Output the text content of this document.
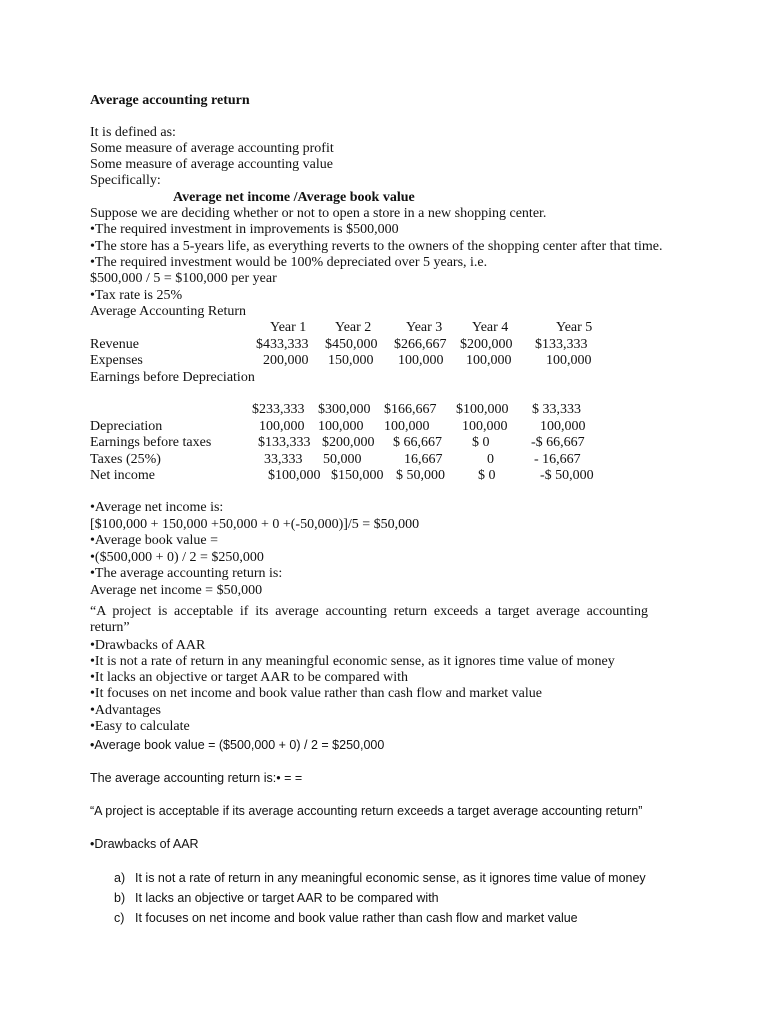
Average accounting return
It is defined as:
Some measure of average accounting profit
Some measure of average accounting value
Specifically:
Average net income /Average book value
Suppose we are deciding whether or not to open a store in a new shopping center.
•The required investment in improvements is $500,000
•The store has a 5-years life, as everything reverts to the owners of the shopping center after that time.
•The required investment would be 100% depreciated over 5 years, i.e.
$500,000 / 5 = $100,000 per year
•Tax rate is 25%
Average Accounting Return
Year 1 Year 2 Year 3 Year 4	Year 5
Revenue	$433,333 $450,000 $266,667 $200,000 $133,333
Expenses	200,000 150,000 100,000 100,000 100,000
Earnings before Depreciation
$233,333 $300,000 $166,667 $100,000 $ 33,333
Depreciation	100,000 100,000 100,000 100,000 100,000
Earnings before taxes	$133,333 $200,000 $ 66,667 $ 0	-$ 66,667
Taxes (25%)	33,333 50,000	16,667	0	- 16,667
Net income	$100,000 $150,000 $ 50,000 $ 0	-$ 50,000
•Average net income is:
[$100,000 + 150,000 +50,000 + 0 +(-50,000)]/5 = $50,000
•Average book value =
•($500,000 + 0) / 2 = $250,000
•The average accounting return is:
Average net income = $50,000
“A project is acceptable if its average accounting return exceeds a target average accounting return”
•Drawbacks of AAR
•It is not a rate of return in any meaningful economic sense, as it ignores time value of money
•It lacks an objective or target AAR to be compared with
•It focuses on net income and book value rather than cash flow and market value
•Advantages
•Easy to calculate
•Average book value = ($500,000 + 0) / 2 = $250,000
The average accounting return is:• = =
“A project is acceptable if its average accounting return exceeds a target average accounting return”
•Drawbacks of AAR
a) It is not a rate of return in any meaningful economic sense, as it ignores time value of money
b) It lacks an objective or target AAR to be compared with
c) It focuses on net income and book value rather than cash flow and market value
